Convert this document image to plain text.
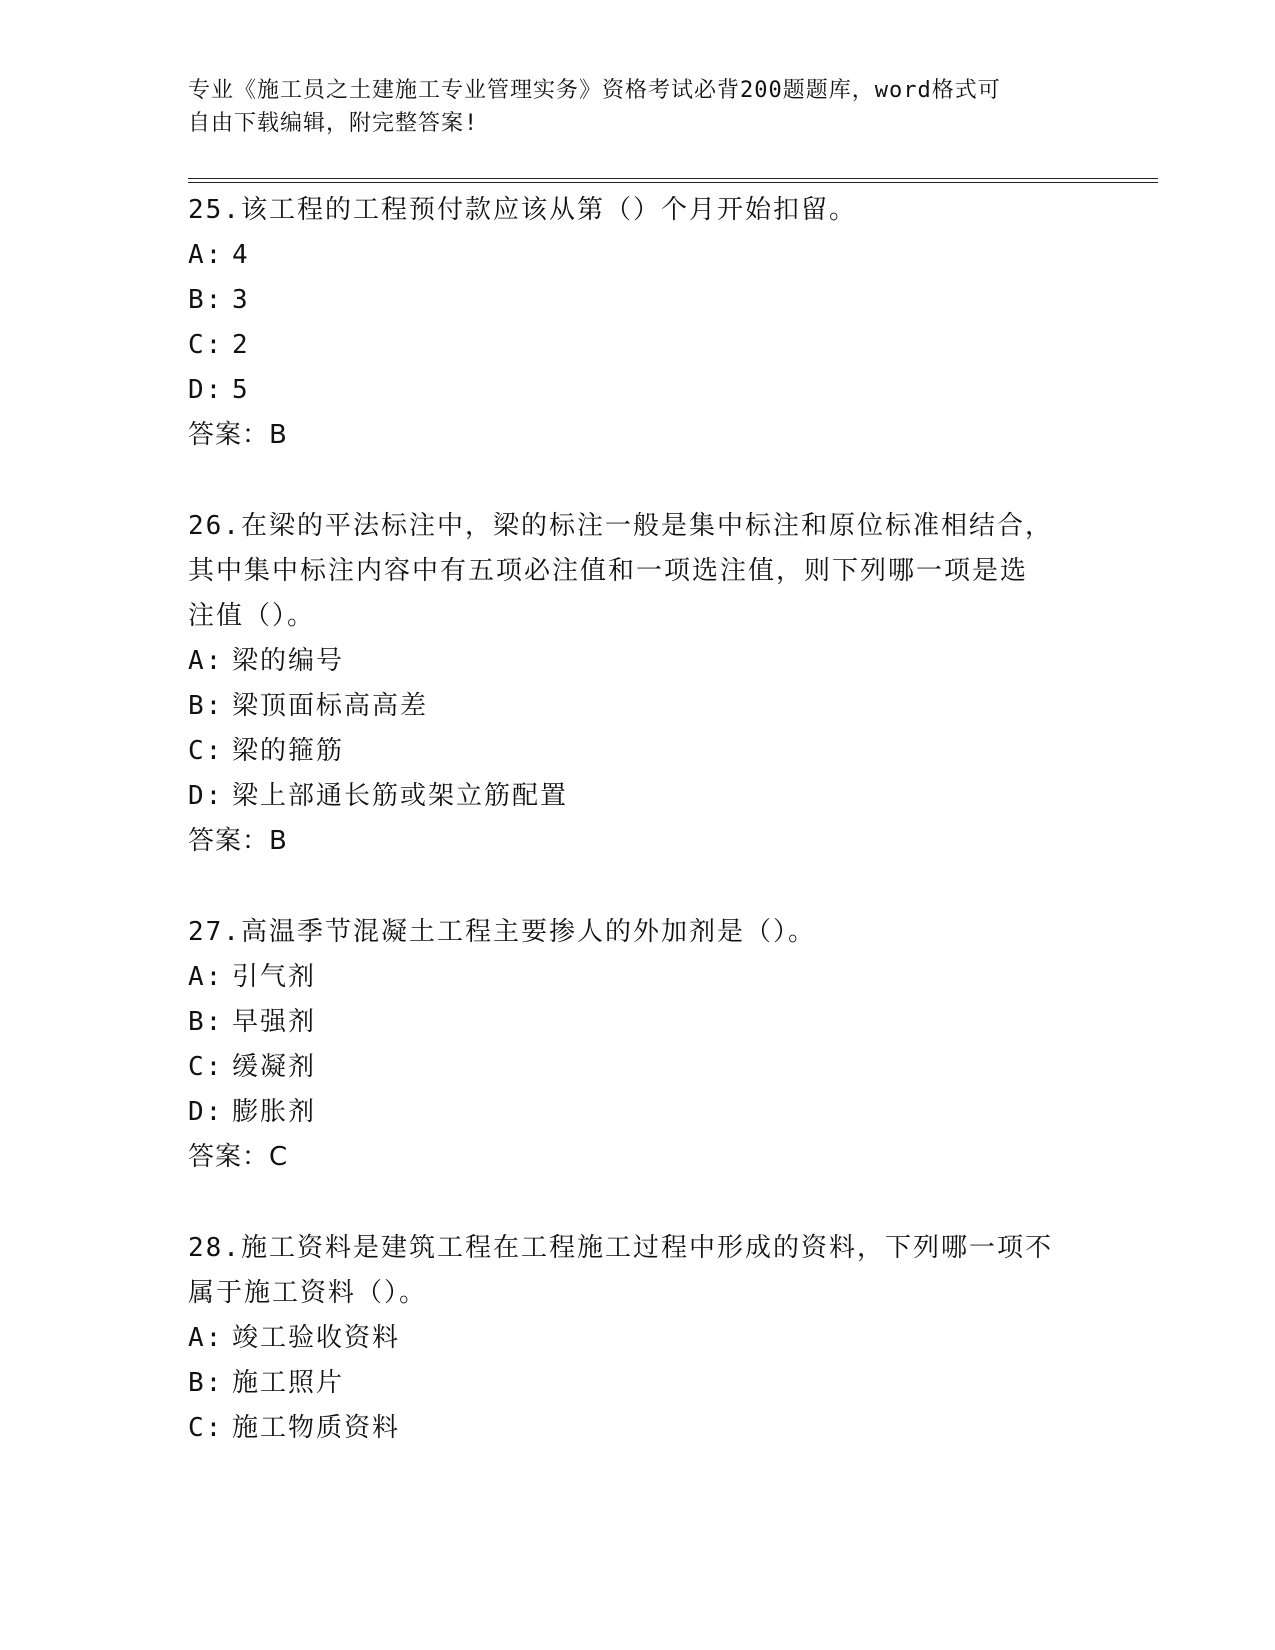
专业《施工员之土建施工专业管理实务》资格考试必背200题题库，word格式可
自由下载编辑，附完整答案!
25.该工程的工程预付款应该从第（）个月开始扣留。
A: 4
B: 3
C: 2
D: 5
答案：B
26.在梁的平法标注中，梁的标注一般是集中标注和原位标准相结合，
其中集中标注内容中有五项必注值和一项选注值，则下列哪一项是选
注值（）。
A: 梁的编号
B: 梁顶面标高高差
C: 梁的箍筋
D: 梁上部通长筋或架立筋配置
答案：B
27.高温季节混凝土工程主要掺人的外加剂是（）。
A: 引气剂
B: 早强剂
C: 缓凝剂
D: 膨胀剂
答案：C
28.施工资料是建筑工程在工程施工过程中形成的资料，下列哪一项不
属于施工资料（）。
A: 竣工验收资料
B: 施工照片
C: 施工物质资料
